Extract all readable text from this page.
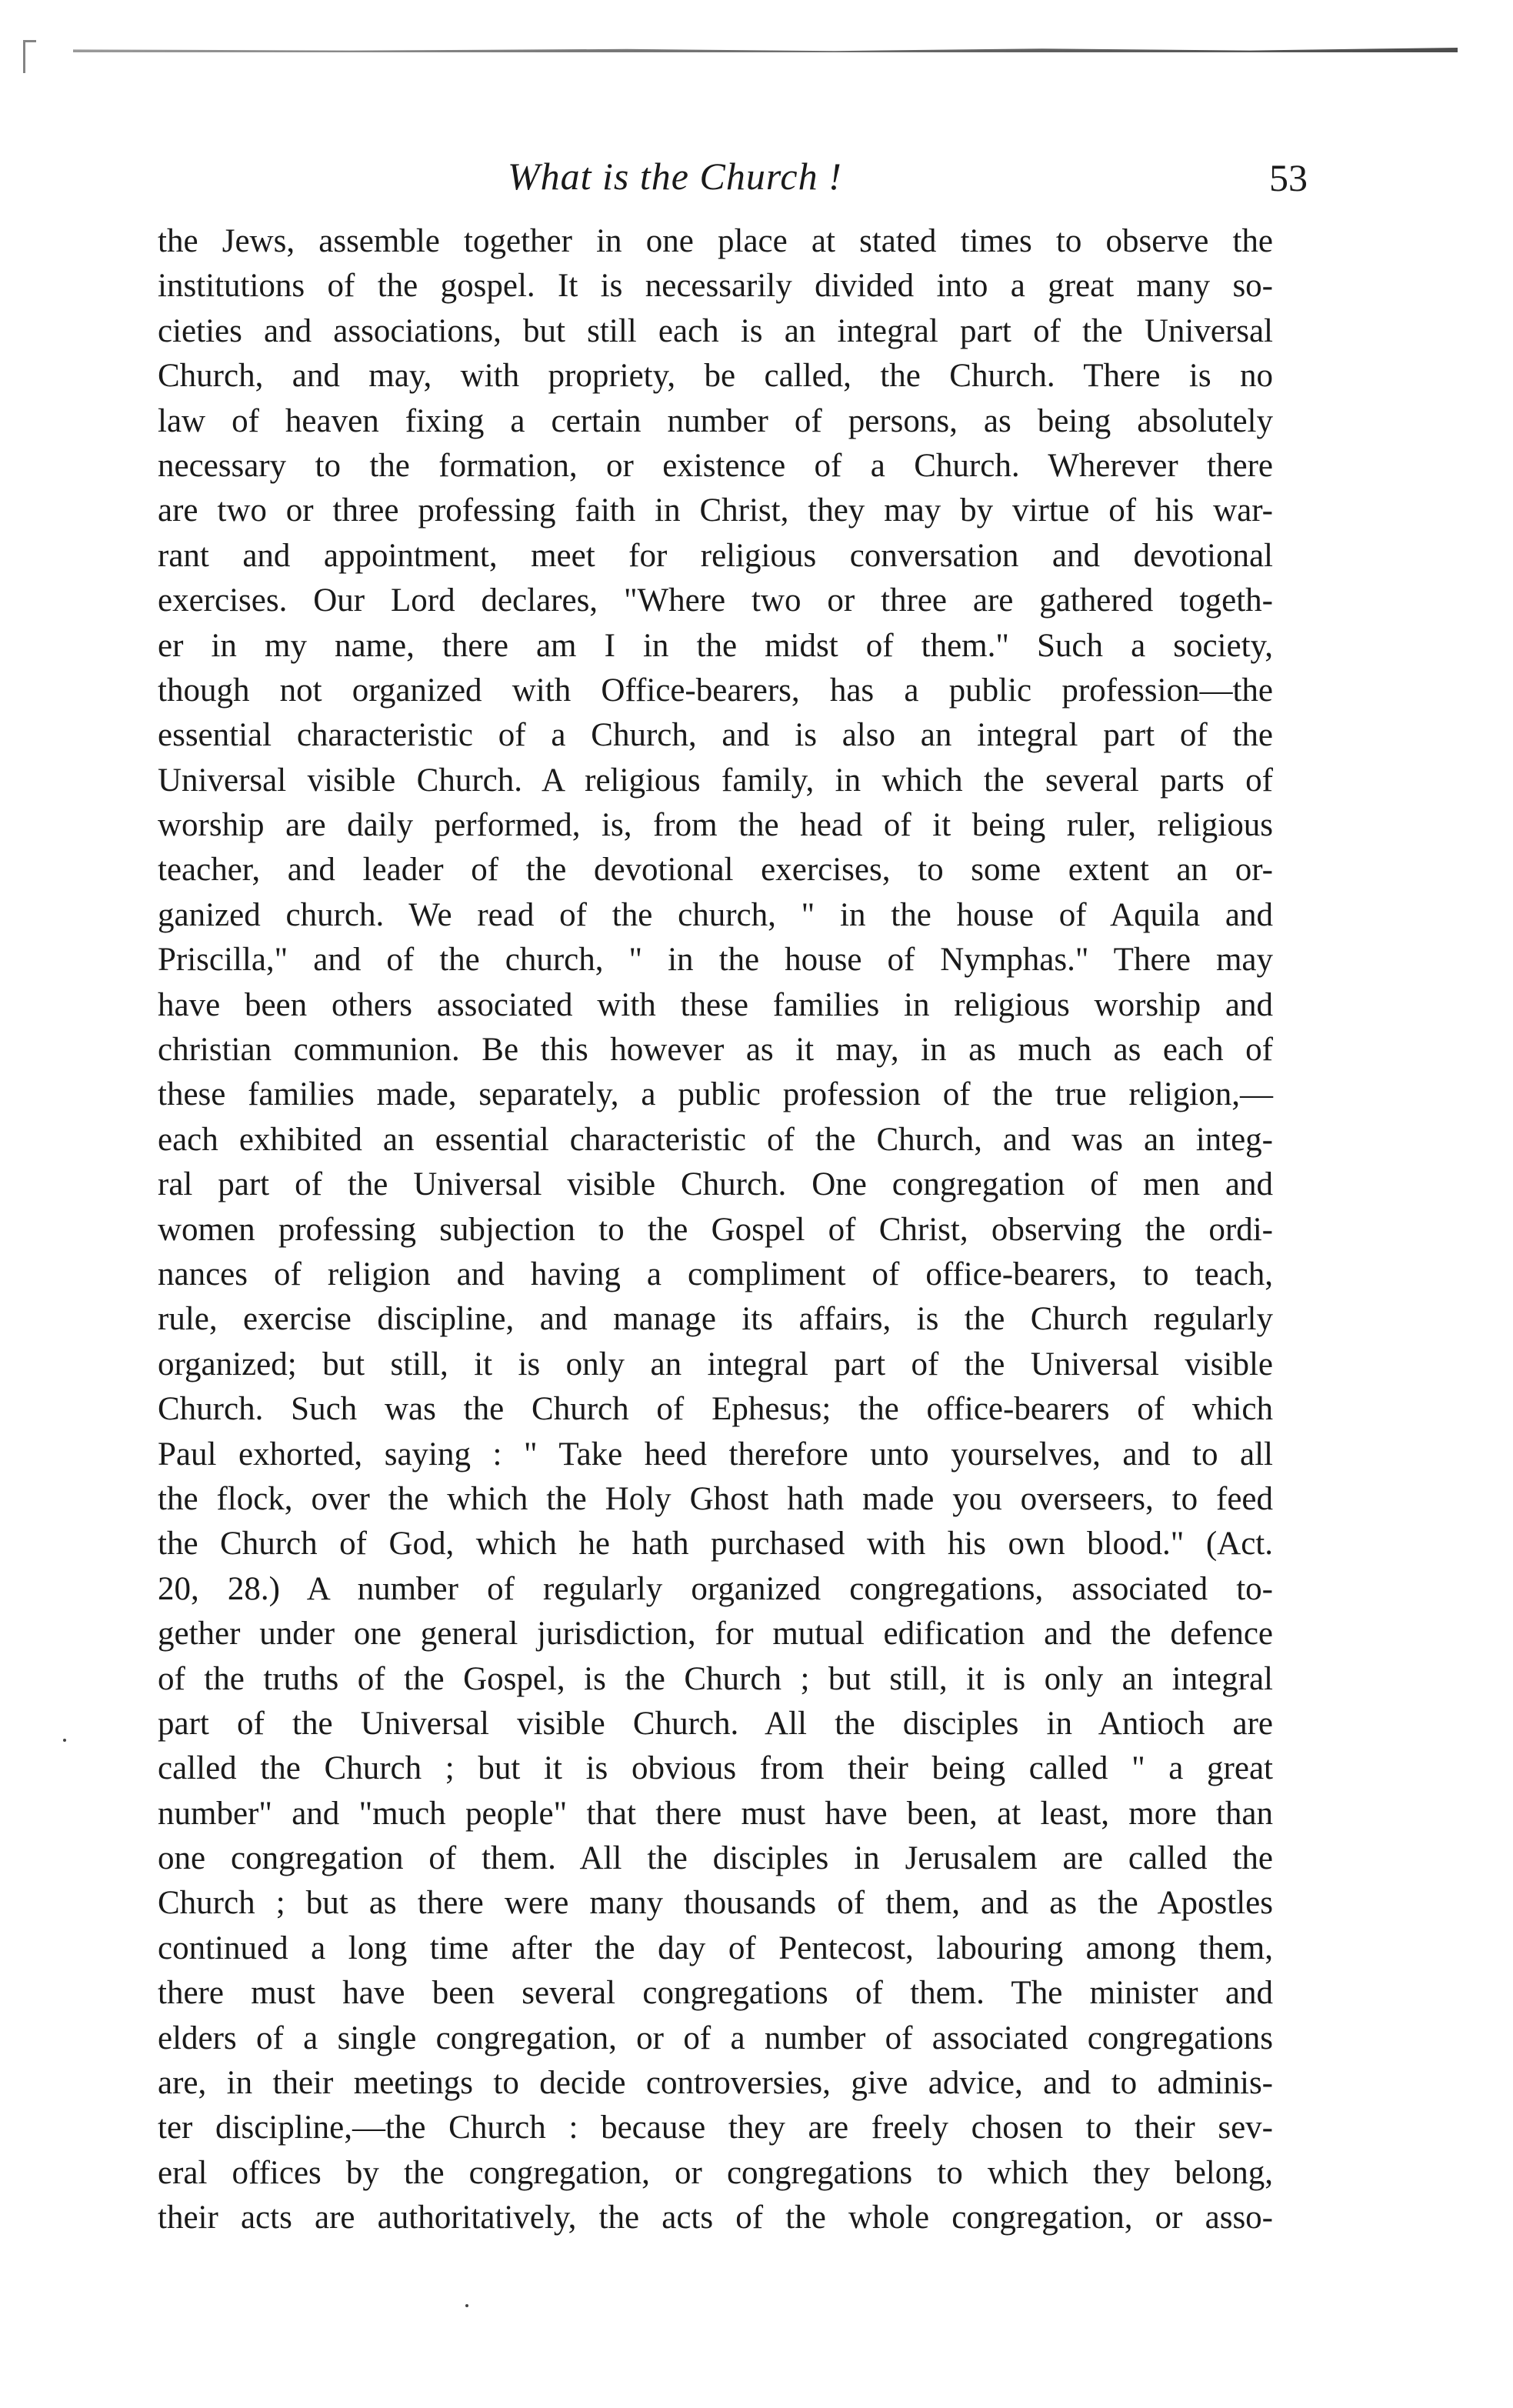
What is the Church !	53
the Jews, assemble together in one place at stated times to observe the
institutions of the gospel. It is necessarily divided into a great many so-
cieties and associations, but still each is an integral part of the Universal
Church, and may, with propriety, be called, the Church. There is no
law of heaven fixing a certain number of persons, as being absolutely
necessary to the formation, or existence of a Church. Wherever there
are two or three professing faith in Christ, they may by virtue of his war-
rant and appointment, meet for religious conversation and devotional
exercises. Our Lord declares, "Where two or three are gathered togeth-
er in my name, there am I in the midst of them." Such a society,
though not organized with Office-bearers, has a public profession—the
essential characteristic of a Church, and is also an integral part of the
Universal visible Church. A religious family, in which the several parts of
worship are daily performed, is, from the head of it being ruler, religious
teacher, and leader of the devotional exercises, to some extent an or-
ganized church. We read of the church, " in the house of Aquila and
Priscilla," and of the church, " in the house of Nymphas." There may
have been others associated with these families in religious worship and
christian communion. Be this however as it may, in as much as each of
these families made, separately, a public profession of the true religion,—
each exhibited an essential characteristic of the Church, and was an integ-
ral part of the Universal visible Church. One congregation of men and
women professing subjection to the Gospel of Christ, observing the ordi-
nances of religion and having a compliment of office-bearers, to teach,
rule, exercise discipline, and manage its affairs, is the Church regularly
organized; but still, it is only an integral part of the Universal visible
Church. Such was the Church of Ephesus; the office-bearers of which
Paul exhorted, saying : " Take heed therefore unto yourselves, and to all
the flock, over the which the Holy Ghost hath made you overseers, to feed
the Church of God, which he hath purchased with his own blood." (Act.
20, 28.) A number of regularly organized congregations, associated to-
gether under one general jurisdiction, for mutual edification and the defence
of the truths of the Gospel, is the Church ; but still, it is only an integral
part of the Universal visible Church. All the disciples in Antioch are
called the Church ; but it is obvious from their being called " a great
number" and "much people" that there must have been, at least, more than
one congregation of them. All the disciples in Jerusalem are called the
Church ; but as there were many thousands of them, and as the Apostles
continued a long time after the day of Pentecost, labouring among them,
there must have been several congregations of them. The minister and
elders of a single congregation, or of a number of associated congregations
are, in their meetings to decide controversies, give advice, and to adminis-
ter discipline,—the Church : because they are freely chosen to their sev-
eral offices by the congregation, or congregations to which they belong,
their acts are authoritatively, the acts of the whole congregation, or asso-
